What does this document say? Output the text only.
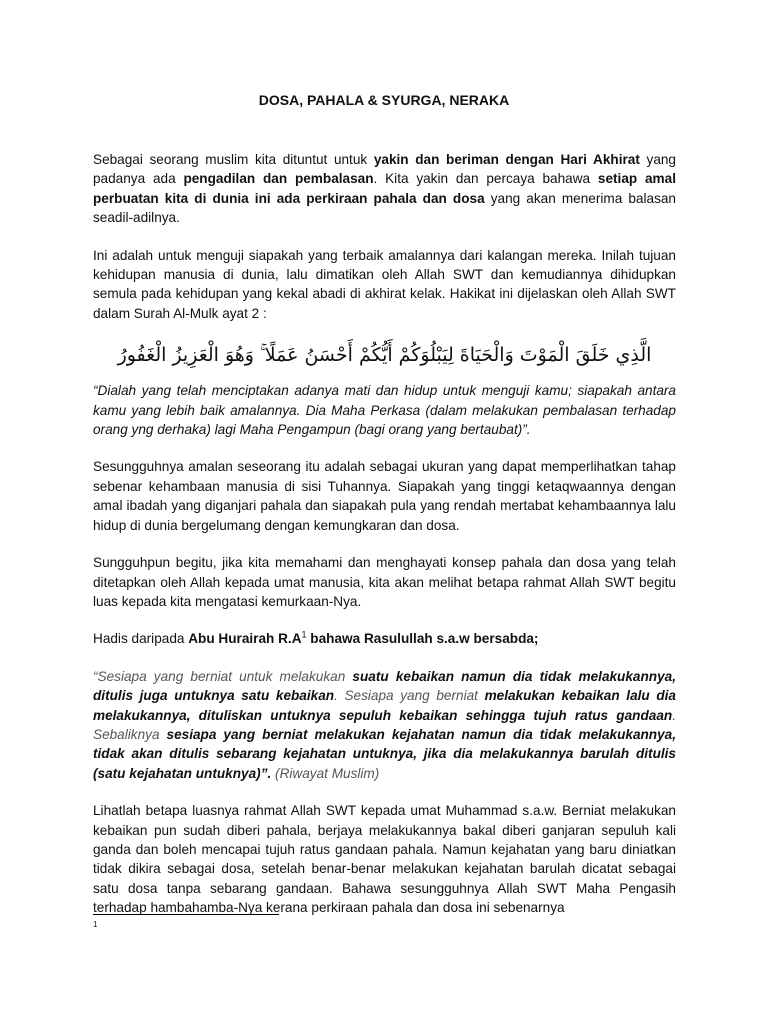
DOSA, PAHALA & SYURGA, NERAKA

Sebagai seorang muslim kita dituntut untuk yakin dan beriman dengan Hari Akhirat yang padanya ada pengadilan dan pembalasan. Kita yakin dan percaya bahawa setiap amal perbuatan kita di dunia ini ada perkiraan pahala dan dosa yang akan menerima balasan seadil-adilnya.

Ini adalah untuk menguji siapakah yang terbaik amalannya dari kalangan mereka. Inilah tujuan kehidupan manusia di dunia, lalu dimatikan oleh Allah SWT dan kemudiannya dihidupkan semula pada kehidupan yang kekal abadi di akhirat kelak. Hakikat ini dijelaskan oleh Allah SWT dalam Surah Al-Mulk ayat 2 :

الَّذِي خَلَقَ الْمَوْتَ وَالْحَيَاةَ لِيَبْلُوَكُمْ أَيُّكُمْ أَحْسَنُ عَمَلًا ۚ وَهُوَ الْعَزِيزُ الْغَفُورُ

“Dialah yang telah menciptakan adanya mati dan hidup untuk menguji kamu; siapakah antara kamu yang lebih baik amalannya. Dia Maha Perkasa (dalam melakukan pembalasan terhadap orang yng derhaka) lagi Maha Pengampun (bagi orang yang bertaubat)”.

Sesungguhnya amalan seseorang itu adalah sebagai ukuran yang dapat memperlihatkan tahap sebenar kehambaan manusia di sisi Tuhannya. Siapakah yang tinggi ketaqwaannya dengan amal ibadah yang diganjari pahala dan siapakah pula yang rendah mertabat kehambaannya lalu hidup di dunia bergelumang dengan kemungkaran dan dosa.

Sungguhpun begitu, jika kita memahami dan menghayati konsep pahala dan dosa yang telah ditetapkan oleh Allah kepada umat manusia, kita akan melihat betapa rahmat Allah SWT begitu luas kepada kita mengatasi kemurkaan-Nya.

Hadis daripada Abu Hurairah $R.A^1$ bahawa Rasulullah s.a.w bersabda;

“Sesiapa yang berniat untuk melakukan suatu kebaikan namun dia tidak melakukannya, ditulis juga untuknya satu kebaikan. Sesiapa yang berniat melakukan kebaikan lalu dia melakukannya, dituliskan untuknya sepuluh kebaikan sehingga tujuh ratus gandaan. Sebaliknya sesiapa yang berniat melakukan kejahatan namun dia tidak melakukannya, tidak akan ditulis sebarang kejahatan untuknya, jika dia melakukannya barulah ditulis (satu kejahatan untuknya)”. (Riwayat Muslim)

Lihatlah betapa luasnya rahmat Allah SWT kepada umat Muhammad s.a.w. Berniat melakukan kebaikan pun sudah diberi pahala, berjaya melakukannya bakal diberi ganjaran sepuluh kali ganda dan boleh mencapai tujuh ratus gandaan pahala. Namun kejahatan yang baru diniatkan tidak dikira sebagai dosa, setelah benar-benar melakukan kejahatan barulah dicatat sebagai satu dosa tanpa sebarang gandaan. Bahawa sesungguhnya Allah SWT Maha Pengasih terhadap hambahamba-Nya kerana perkiraan pahala dan dosa ini sebenarnya

1
